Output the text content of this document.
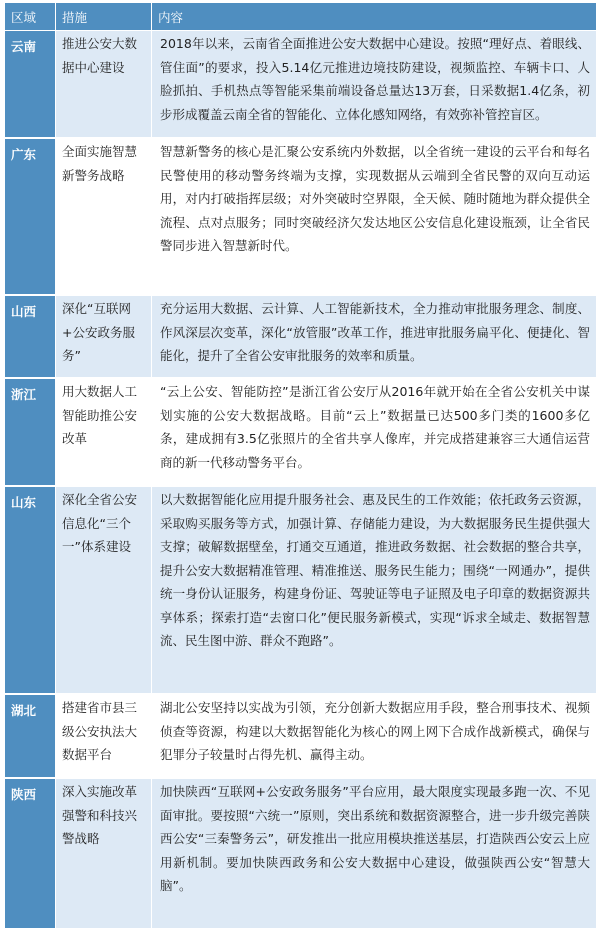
区域	措施	内容
云南	推进公安大数据中心建设	2018年以来，云南省全面推进公安大数据中心建设。按照“理好点、着眼线、管住面”的要求，投入5.14亿元推进边境技防建设，视频监控、车辆卡口、人脸抓拍、手机热点等智能采集前端设备总量达13万套，日采数据1.4亿条，初步形成覆盖云南全省的智能化、立体化感知网络，有效弥补管控盲区。
广东	全面实施智慧新警务战略	智慧新警务的核心是汇聚公安系统内外数据，以全省统一建设的云平台和每名民警使用的移动警务终端为支撑，实现数据从云端到全省民警的双向互动运用，对内打破指挥层级；对外突破时空界限，全天候、随时随地为群众提供全流程、点对点服务；同时突破经济欠发达地区公安信息化建设瓶颈，让全省民警同步进入智慧新时代。
山西	深化“互联网+公安政务服务”	充分运用大数据、云计算、人工智能新技术，全力推动审批服务理念、制度、作风深层次变革，深化“放管服”改革工作，推进审批服务扁平化、便捷化、智能化，提升了全省公安审批服务的效率和质量。
浙江	用大数据人工智能助推公安改革	“云上公安、智能防控”是浙江省公安厅从2016年就开始在全省公安机关中谋划实施的公安大数据战略。目前“云上”数据量已达500多门类的1600多亿条，建成拥有3.5亿张照片的全省共享人像库，并完成搭建兼容三大通信运营商的新一代移动警务平台。
山东	深化全省公安信息化“三个一”体系建设	以大数据智能化应用提升服务社会、惠及民生的工作效能；依托政务云资源，采取购买服务等方式，加强计算、存储能力建设，为大数据服务民生提供强大支撑；破解数据壁垒，打通交互通道，推进政务数据、社会数据的整合共享，提升公安大数据精准管理、精准推送、服务民生能力；围绕“一网通办”，提供统一身份认证服务，构建身份证、驾驶证等电子证照及电子印章的数据资源共享体系；探索打造“去窗口化”便民服务新模式，实现“诉求全域走、数据智慧流、民生图中游、群众不跑路”。
湖北	搭建省市县三级公安执法大数据平台	湖北公安坚持以实战为引领，充分创新大数据应用手段，整合刑事技术、视频侦查等资源，构建以大数据智能化为核心的网上网下合成作战新模式，确保与犯罪分子较量时占得先机、赢得主动。
陕西	深入实施改革强警和科技兴警战略	加快陕西“互联网+公安政务服务”平台应用，最大限度实现最多跑一次、不见面审批。要按照“六统一”原则，突出系统和数据资源整合，进一步升级完善陕西公安“三秦警务云”，研发推出一批应用模块推送基层，打造陕西公安云上应用新机制。要加快陕西政务和公安大数据中心建设，做强陕西公安“智慧大脑”。
